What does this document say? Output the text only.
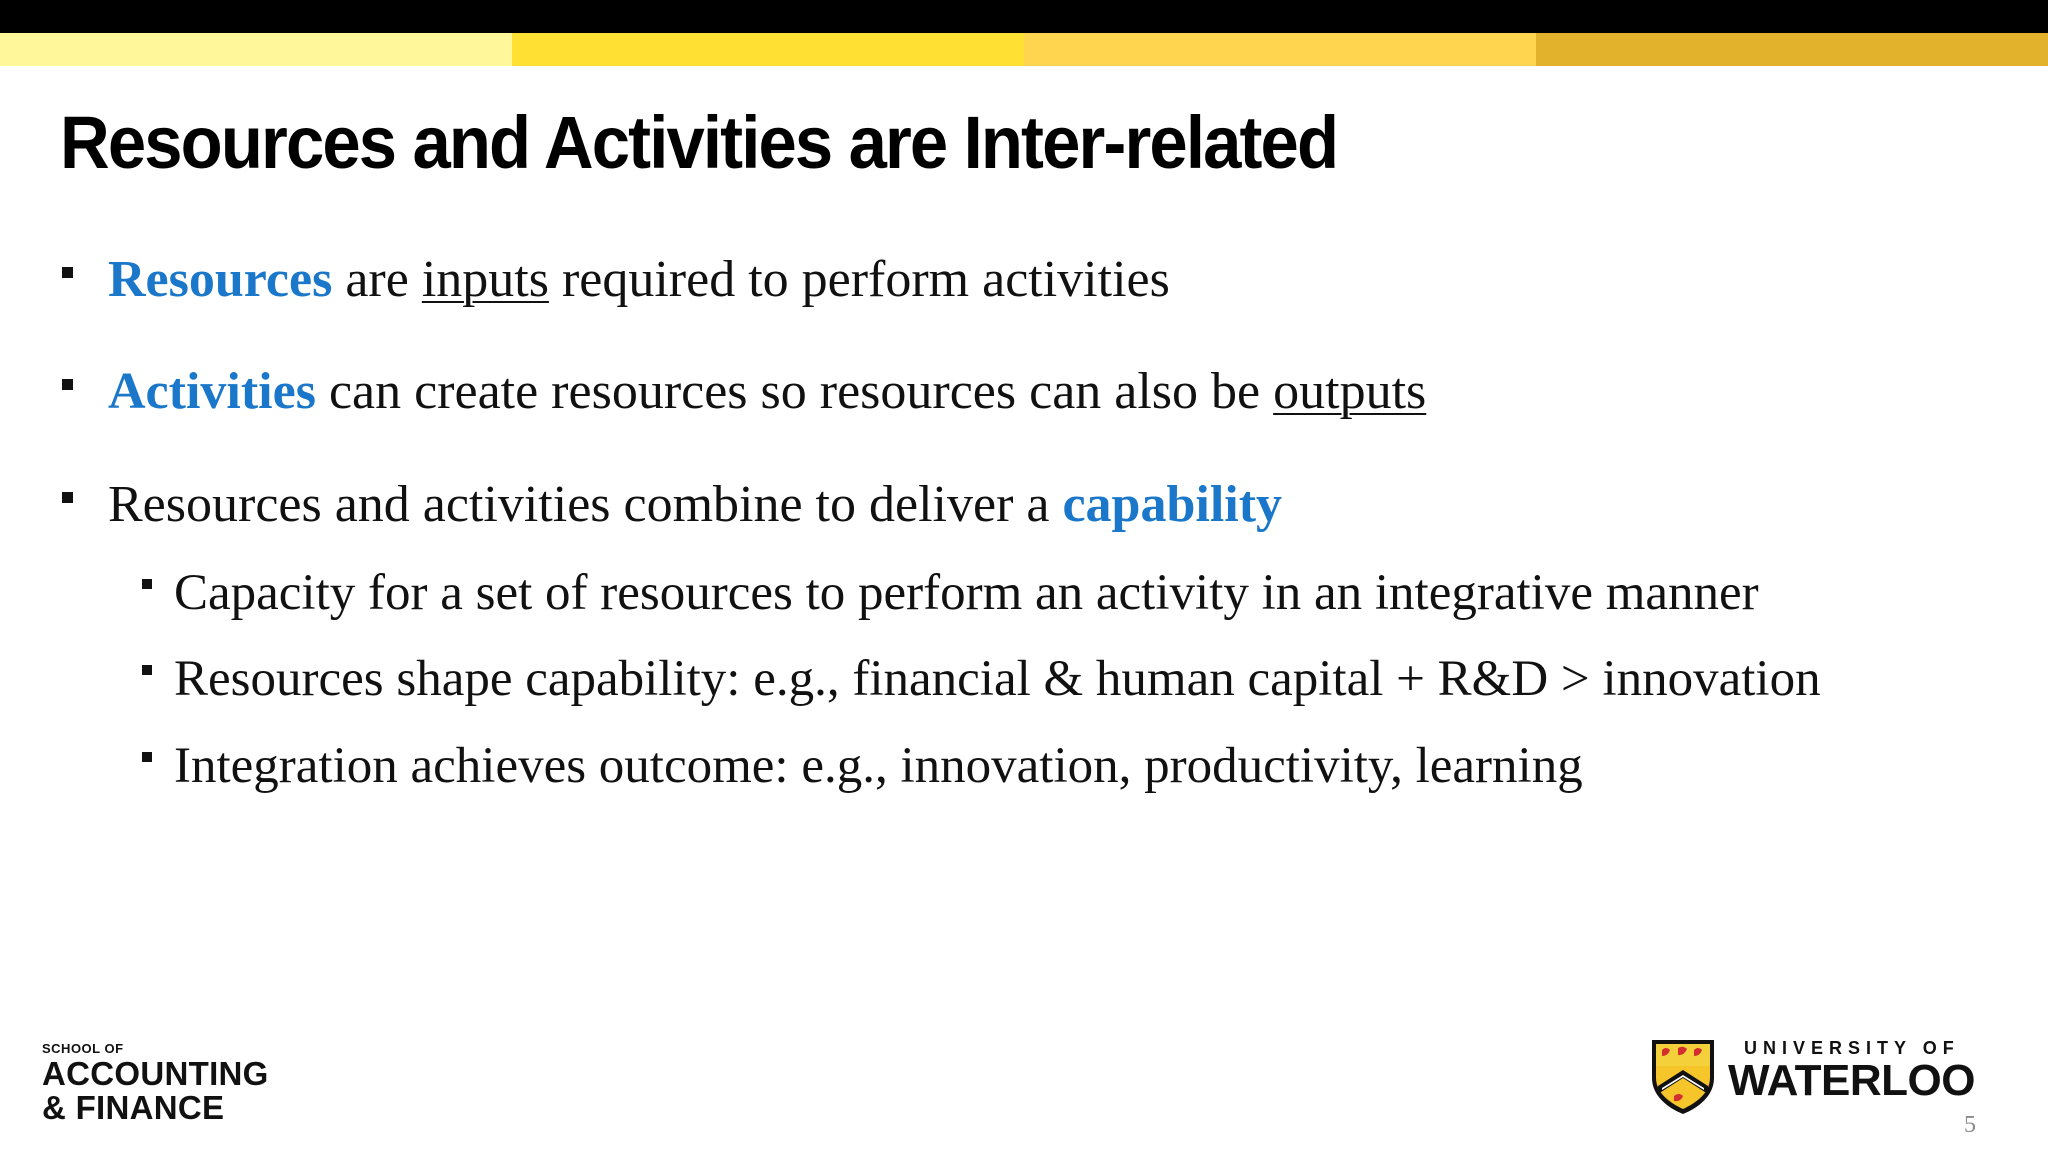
Resources and Activities are Inter-related
Resources are inputs required to perform activities
Activities can create resources so resources can also be outputs
Resources and activities combine to deliver a capability
Capacity for a set of resources to perform an activity in an integrative manner
Resources shape capability: e.g., financial & human capital + R&D > innovation
Integration achieves outcome: e.g., innovation, productivity, learning
SCHOOL OF
ACCOUNTING
& FINANCE
UNIVERSITY OF
WATERLOO
5
